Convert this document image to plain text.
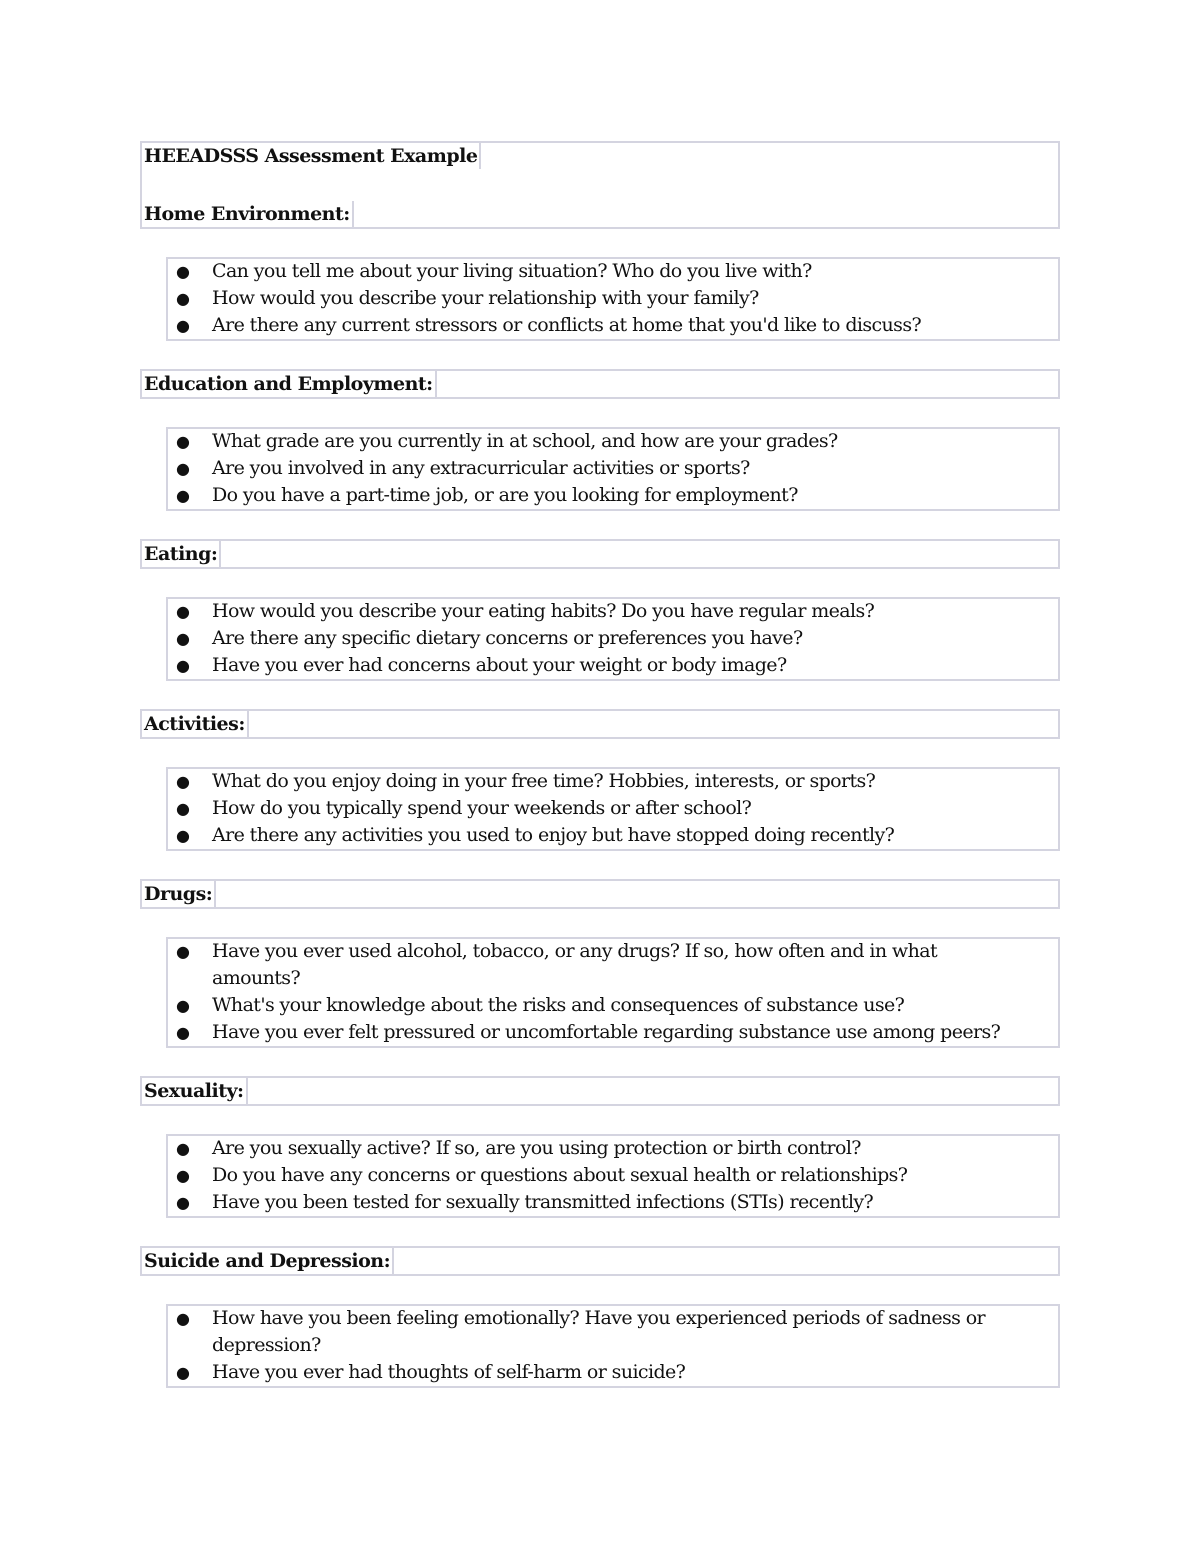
HEEADSSS Assessment Example
Home Environment:
● Can you tell me about your living situation? Who do you live with?
● How would you describe your relationship with your family?
● Are there any current stressors or conflicts at home that you'd like to discuss?
Education and Employment:
● What grade are you currently in at school, and how are your grades?
● Are you involved in any extracurricular activities or sports?
● Do you have a part-time job, or are you looking for employment?
Eating:
● How would you describe your eating habits? Do you have regular meals?
● Are there any specific dietary concerns or preferences you have?
● Have you ever had concerns about your weight or body image?
Activities:
● What do you enjoy doing in your free time? Hobbies, interests, or sports?
● How do you typically spend your weekends or after school?
● Are there any activities you used to enjoy but have stopped doing recently?
Drugs:
● Have you ever used alcohol, tobacco, or any drugs? If so, how often and in what amounts?
● What's your knowledge about the risks and consequences of substance use?
● Have you ever felt pressured or uncomfortable regarding substance use among peers?
Sexuality:
● Are you sexually active? If so, are you using protection or birth control?
● Do you have any concerns or questions about sexual health or relationships?
● Have you been tested for sexually transmitted infections (STIs) recently?
Suicide and Depression:
● How have you been feeling emotionally? Have you experienced periods of sadness or depression?
● Have you ever had thoughts of self-harm or suicide?
